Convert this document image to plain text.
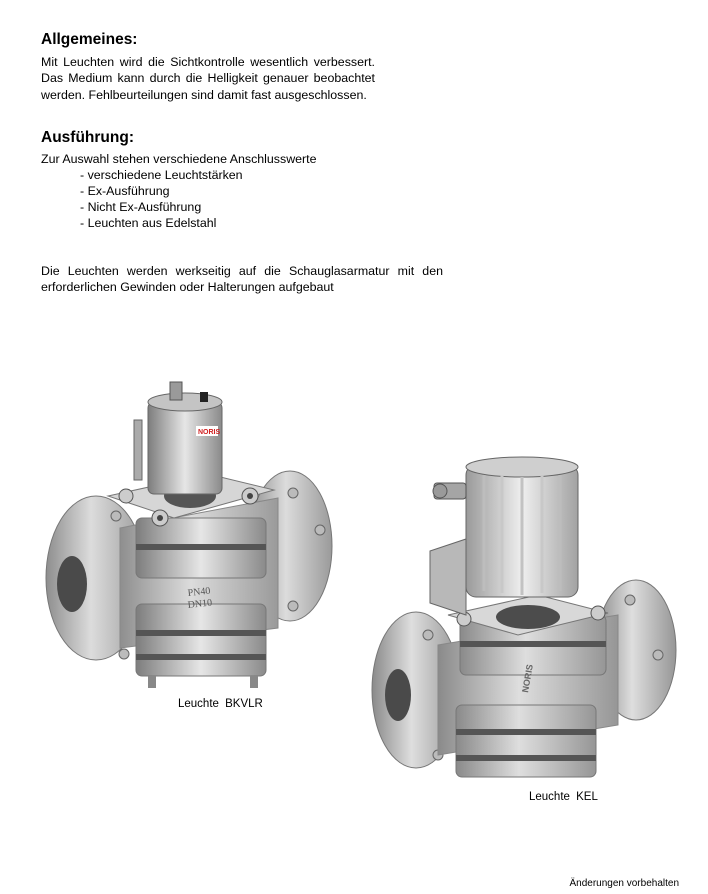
Allgemeines:

Mit Leuchten wird die Sichtkontrolle wesentlich verbessert. Das Medium kann durch die Helligkeit genauer beobachtet werden. Fehlbeurteilungen sind damit fast ausgeschlossen.

Ausführung:

Zur Auswahl stehen verschiedene Anschlusswerte

- verschiedene Leuchtstärken
- Ex-Ausführung
- Nicht Ex-Ausführung
- Leuchten aus Edelstahl

Die Leuchten werden werkseitig auf die Schauglasarmatur mit den erforderlichen Gewinden oder Halterungen aufgebaut

NORIS
PN40
DN10

Leuchte BKVLR

NORIS

Leuchte KEL

Änderungen vorbehalten
